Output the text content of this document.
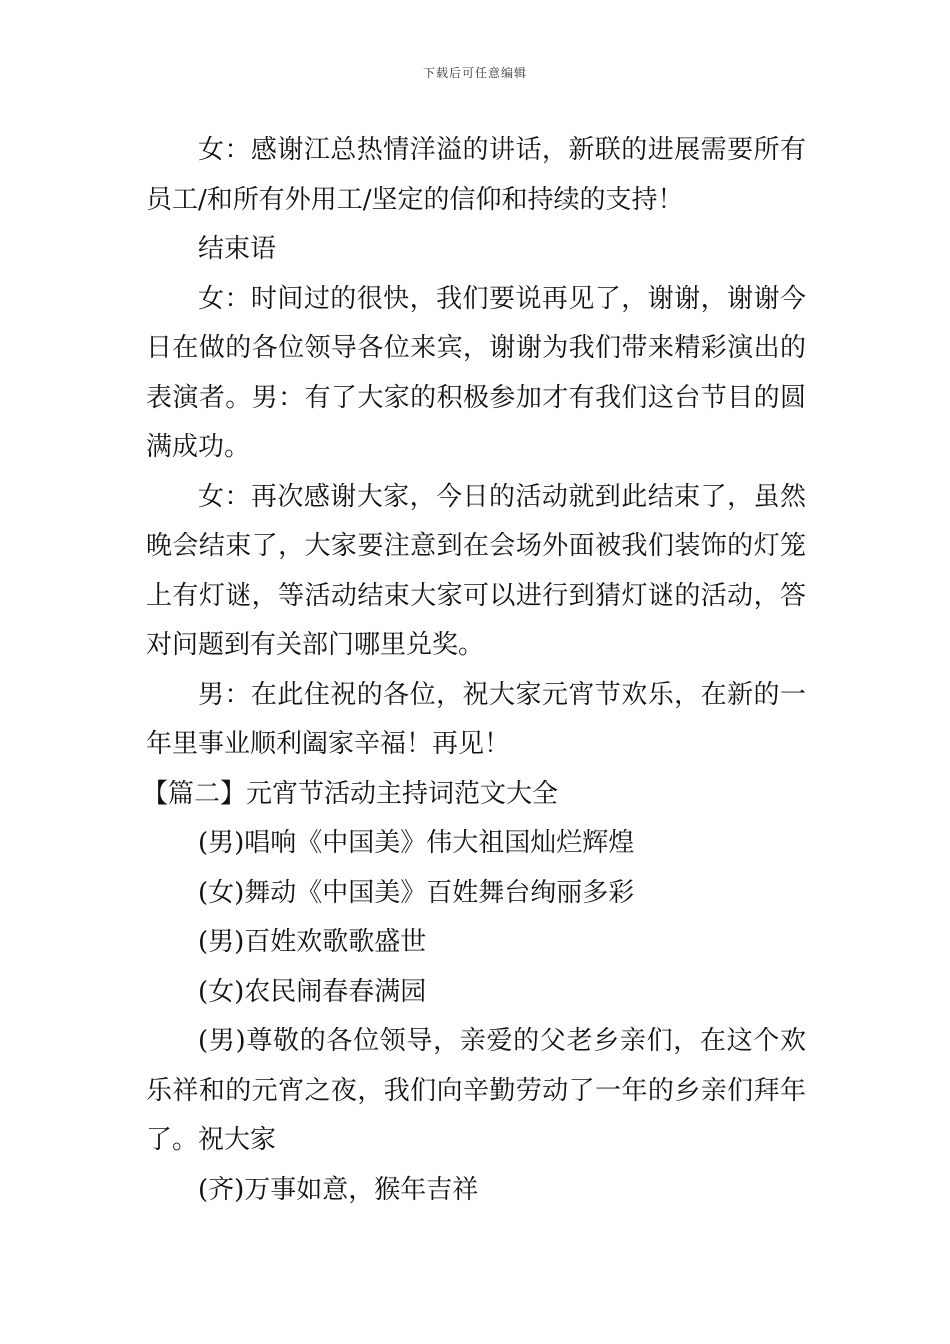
下载后可任意编辑

女：感谢江总热情洋溢的讲话，新联的进展需要所有员工/和所有外用工/坚定的信仰和持续的支持！

结束语

女：时间过的很快，我们要说再见了，谢谢，谢谢今日在做的各位领导各位来宾，谢谢为我们带来精彩演出的表演者。男：有了大家的积极参加才有我们这台节目的圆满成功。

女：再次感谢大家，今日的活动就到此结束了，虽然晚会结束了，大家要注意到在会场外面被我们装饰的灯笼上有灯谜，等活动结束大家可以进行到猜灯谜的活动，答对问题到有关部门哪里兑奖。

男：在此住祝的各位，祝大家元宵节欢乐，在新的一年里事业顺利阖家辛福！再见！

【篇二】元宵节活动主持词范文大全

(男)唱响《中国美》伟大祖国灿烂辉煌

(女)舞动《中国美》百姓舞台绚丽多彩

(男)百姓欢歌歌盛世

(女)农民闹春春满园

(男)尊敬的各位领导，亲爱的父老乡亲们，在这个欢乐祥和的元宵之夜，我们向辛勤劳动了一年的乡亲们拜年了。祝大家

(齐)万事如意，猴年吉祥
